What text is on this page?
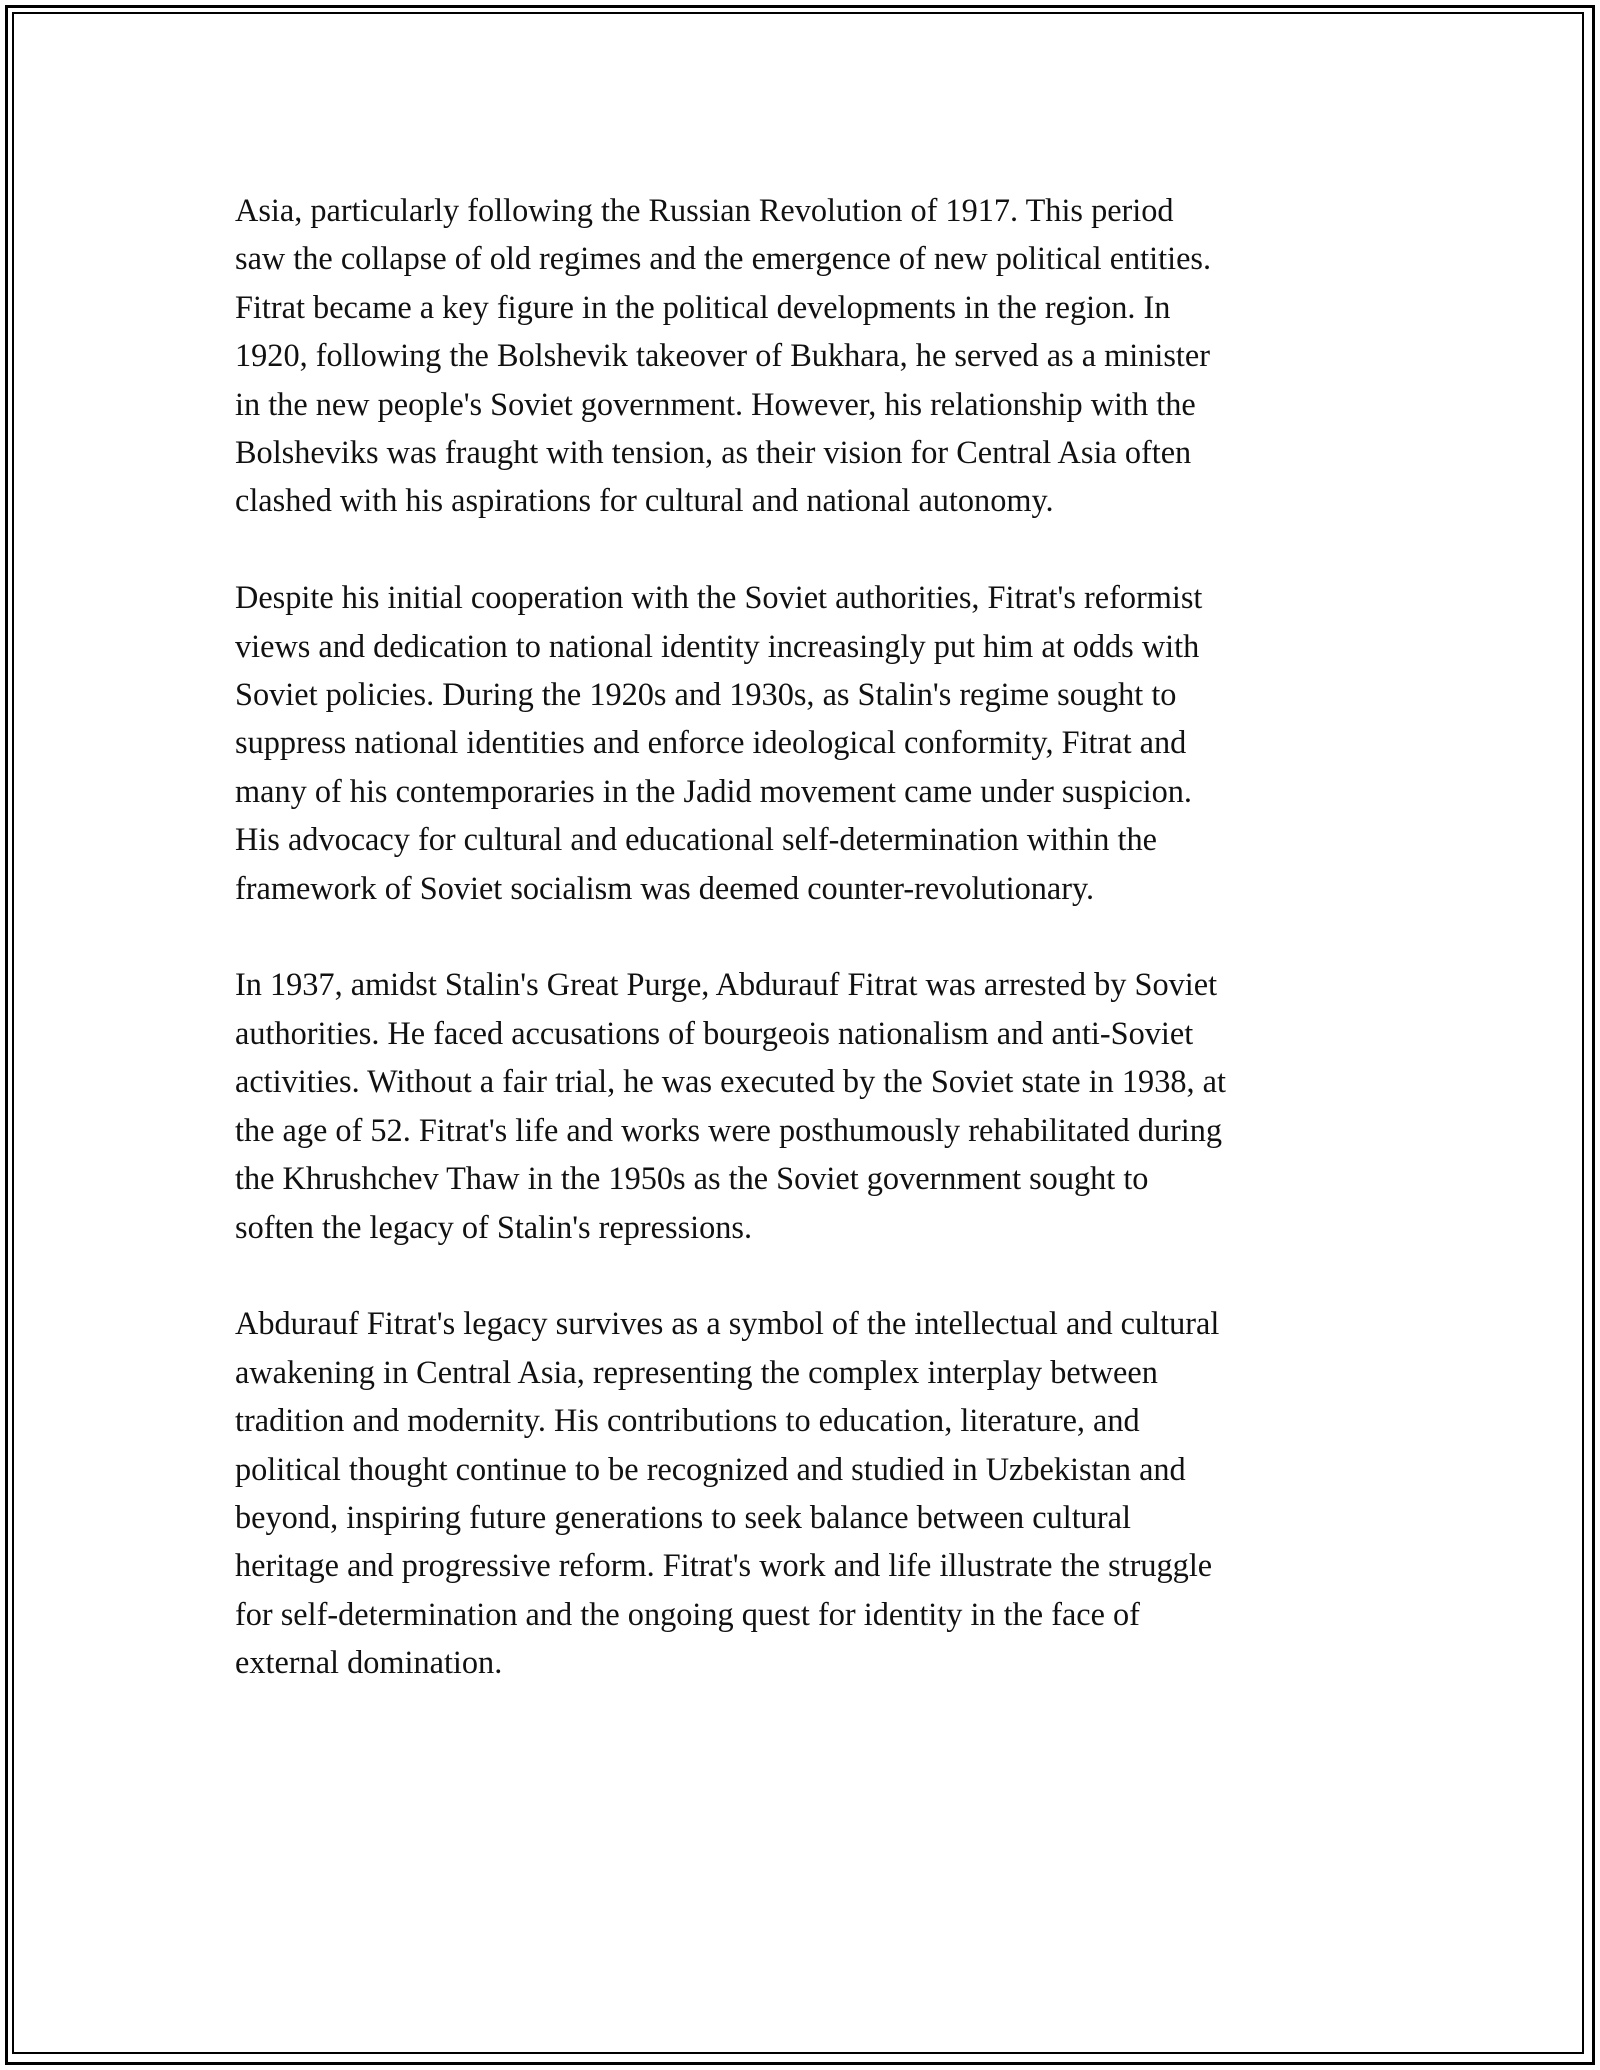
Asia, particularly following the Russian Revolution of 1917. This period
saw the collapse of old regimes and the emergence of new political entities.
Fitrat became a key figure in the political developments in the region. In
1920, following the Bolshevik takeover of Bukhara, he served as a minister
in the new people's Soviet government. However, his relationship with the
Bolsheviks was fraught with tension, as their vision for Central Asia often
clashed with his aspirations for cultural and national autonomy.

Despite his initial cooperation with the Soviet authorities, Fitrat's reformist
views and dedication to national identity increasingly put him at odds with
Soviet policies. During the 1920s and 1930s, as Stalin's regime sought to
suppress national identities and enforce ideological conformity, Fitrat and
many of his contemporaries in the Jadid movement came under suspicion.
His advocacy for cultural and educational self-determination within the
framework of Soviet socialism was deemed counter-revolutionary.

In 1937, amidst Stalin's Great Purge, Abdurauf Fitrat was arrested by Soviet
authorities. He faced accusations of bourgeois nationalism and anti-Soviet
activities. Without a fair trial, he was executed by the Soviet state in 1938, at
the age of 52. Fitrat's life and works were posthumously rehabilitated during
the Khrushchev Thaw in the 1950s as the Soviet government sought to
soften the legacy of Stalin's repressions.

Abdurauf Fitrat's legacy survives as a symbol of the intellectual and cultural
awakening in Central Asia, representing the complex interplay between
tradition and modernity. His contributions to education, literature, and
political thought continue to be recognized and studied in Uzbekistan and
beyond, inspiring future generations to seek balance between cultural
heritage and progressive reform. Fitrat's work and life illustrate the struggle
for self-determination and the ongoing quest for identity in the face of
external domination.
